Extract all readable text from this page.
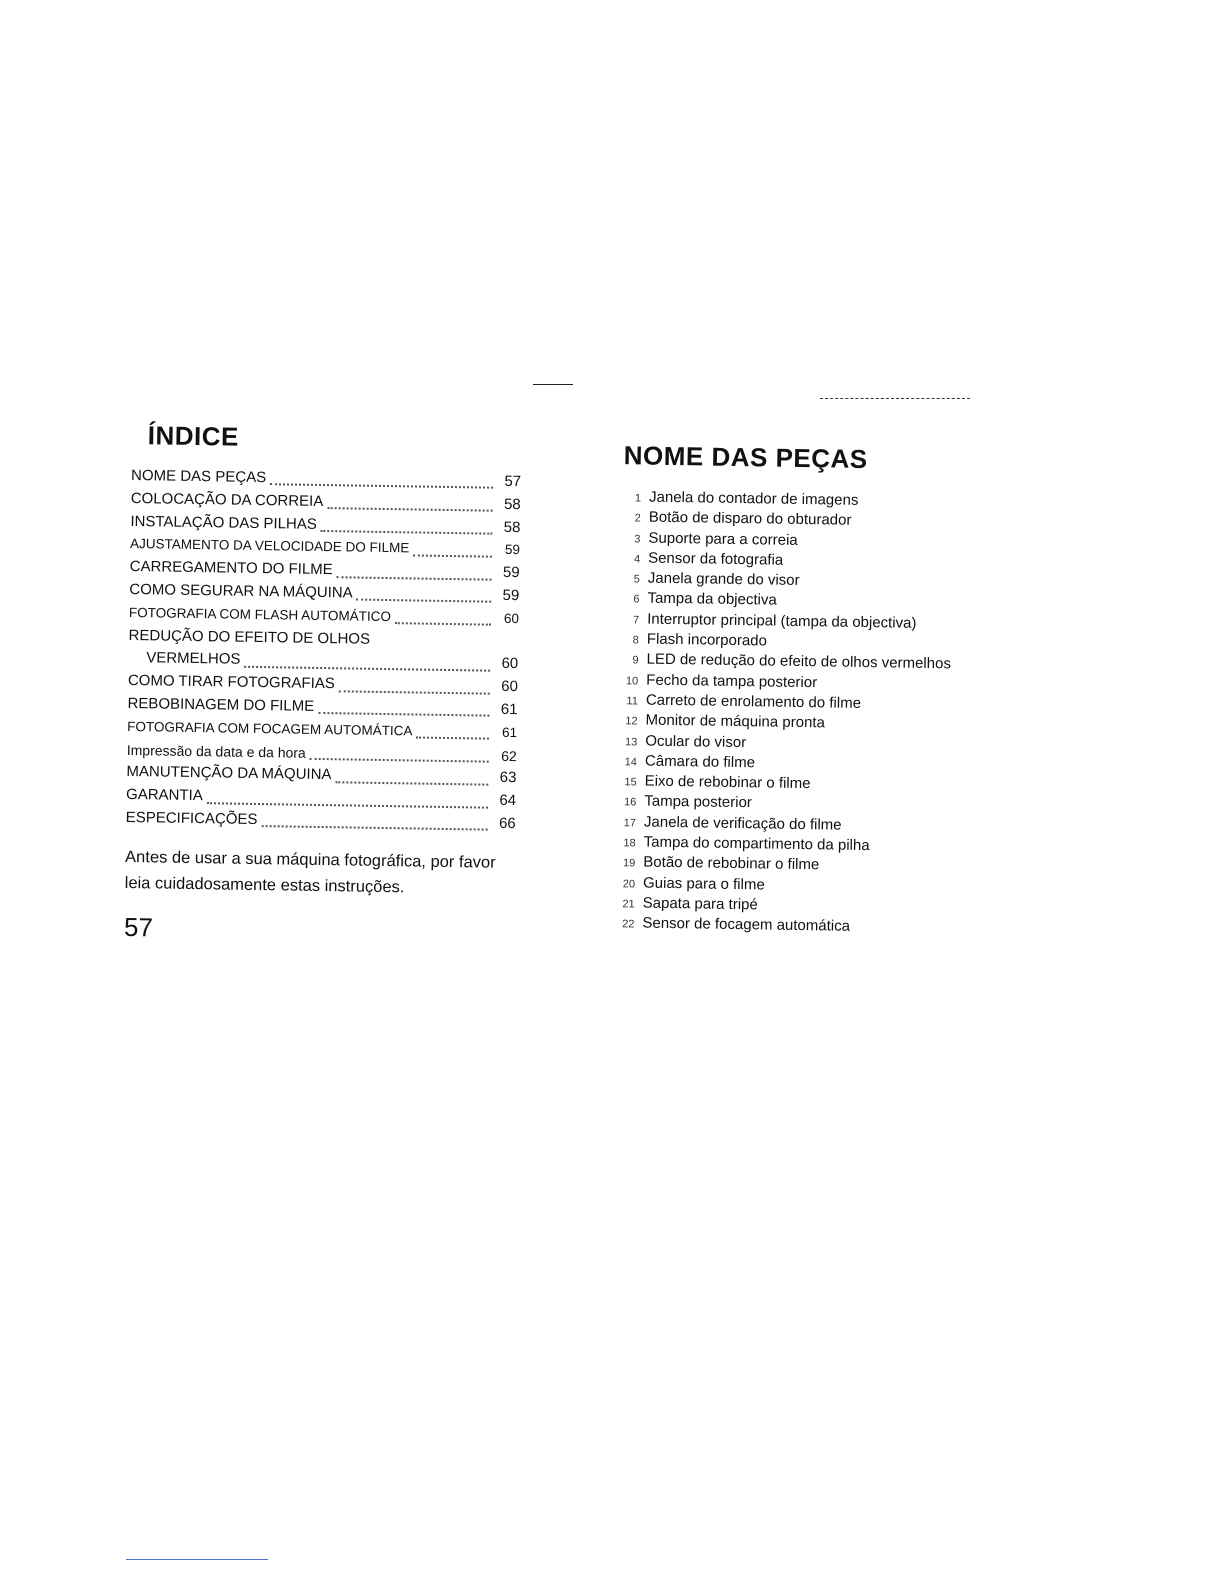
ÍNDICE
NOME DAS PEÇAS	57
COLOCAÇÃO DA CORREIA	58
INSTALAÇÃO DAS PILHAS	58
AJUSTAMENTO DA VELOCIDADE DO FILME	59
CARREGAMENTO DO FILME	59
COMO SEGURAR NA MÁQUINA	59
FOTOGRAFIA COM FLASH AUTOMÁTICO	60
REDUÇÃO DO EFEITO DE OLHOS
VERMELHOS	60
COMO TIRAR FOTOGRAFIAS	60
REBOBINAGEM DO FILME	61
FOTOGRAFIA COM FOCAGEM AUTOMÁTICA	61
Impressão da data e da hora	62
MANUTENÇÃO DA MÁQUINA	63
GARANTIA	64
ESPECIFICAÇÕES	66

Antes de usar a sua máquina fotográfica, por favor leia cuidadosamente estas instruções.

57
NOME DAS PEÇAS
1 Janela do contador de imagens
2 Botão de disparo do obturador
3 Suporte para a correia
4 Sensor da fotografia
5 Janela grande do visor
6 Tampa da objectiva
7 Interruptor principal (tampa da objectiva)
8 Flash incorporado
9 LED de redução do efeito de olhos vermelhos
10 Fecho da tampa posterior
11 Carreto de enrolamento do filme
12 Monitor de máquina pronta
13 Ocular do visor
14 Câmara do filme
15 Eixo de rebobinar o filme
16 Tampa posterior
17 Janela de verificação do filme
18 Tampa do compartimento da pilha
19 Botão de rebobinar o filme
20 Guias para o filme
21 Sapata para tripé
22 Sensor de focagem automática
